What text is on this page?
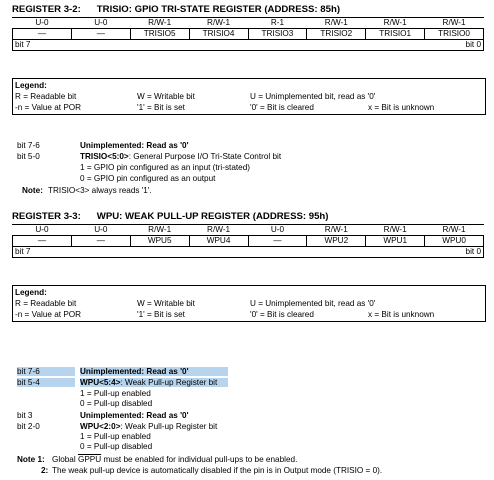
REGISTER 3-2: TRISIO: GPIO TRI-STATE REGISTER (ADDRESS: 85h)
U-0	U-0	R/W-1	R/W-1	R-1	R/W-1	R/W-1	R/W-1
—	—	TRISIO5	TRISIO4	TRISIO3	TRISIO2	TRISIO1	TRISIO0
bit 7 bit 0							
Legend:
R = Readable bit	W = Writable bit	U = Unimplemented bit, read as '0'
-n = Value at POR	'1' = Bit is set	'0' = Bit is cleared	x = Bit is unknown
bit 7-6	Unimplemented: Read as '0'
bit 5-0	TRISIO<5:0>: General Purpose I/O Tri-State Control bit
1 = GPIO pin configured as an input (tri-stated)
0 = GPIO pin configured as an output
Note: TRISIO<3> always reads '1'.
REGISTER 3-3: WPU: WEAK PULL-UP REGISTER (ADDRESS: 95h)
U-0	U-0	R/W-1	R/W-1	U-0	R/W-1	R/W-1	R/W-1
—	—	WPU5	WPU4	—	WPU2	WPU1	WPU0
bit 7 bit 0							
Legend:
R = Readable bit	W = Writable bit	U = Unimplemented bit, read as '0'
-n = Value at POR	'1' = Bit is set	'0' = Bit is cleared	x = Bit is unknown
bit 7-6	Unimplemented: Read as '0'
bit 5-4	WPU<5:4>: Weak Pull-up Register bit
1 = Pull-up enabled
0 = Pull-up disabled
bit 3	Unimplemented: Read as '0'
bit 2-0	WPU<2:0>: Weak Pull-up Register bit
1 = Pull-up enabled
0 = Pull-up disabled
Note 1: Global GPPU must be enabled for individual pull-ups to be enabled.
2: The weak pull-up device is automatically disabled if the pin is in Output mode (TRISIO = 0).
